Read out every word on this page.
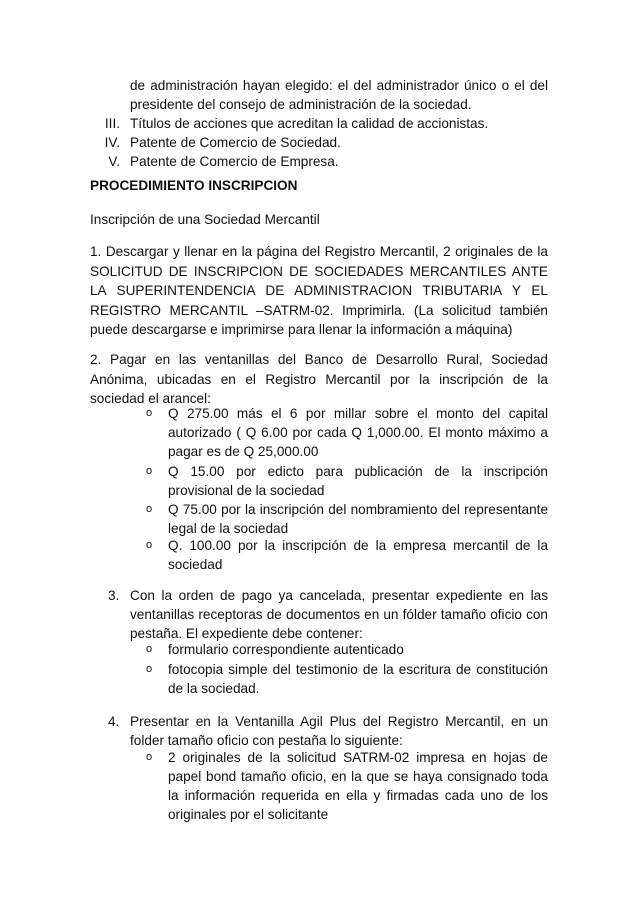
de administración hayan elegido: el del administrador único o el del presidente del consejo de administración de la sociedad.
III. Títulos de acciones que acreditan la calidad de accionistas.
IV. Patente de Comercio de Sociedad.
V. Patente de Comercio de Empresa.
PROCEDIMIENTO INSCRIPCION
Inscripción de una Sociedad Mercantil
1. Descargar y llenar en la página del Registro Mercantil, 2 originales de la SOLICITUD DE INSCRIPCION DE SOCIEDADES MERCANTILES ANTE LA SUPERINTENDENCIA DE ADMINISTRACION TRIBUTARIA Y EL REGISTRO MERCANTIL –SATRM-02. Imprimirla. (La solicitud también puede descargarse e imprimirse para llenar la información a máquina)
2. Pagar en las ventanillas del Banco de Desarrollo Rural, Sociedad Anónima, ubicadas en el Registro Mercantil por la inscripción de la sociedad el arancel:
o Q 275.00 más el 6 por millar sobre el monto del capital autorizado ( Q 6.00 por cada Q 1,000.00. El monto máximo a pagar es de Q 25,000.00
o Q 15.00 por edicto para publicación de la inscripción provisional de la sociedad
o Q 75.00 por la inscripción del nombramiento del representante legal de la sociedad
o Q. 100.00 por la inscripción de la empresa mercantil de la sociedad
3. Con la orden de pago ya cancelada, presentar expediente en las ventanillas receptoras de documentos en un fólder tamaño oficio con pestaña. El expediente debe contener:
o formulario correspondiente autenticado
o fotocopia simple del testimonio de la escritura de constitución de la sociedad.
4. Presentar en la Ventanilla Agil Plus del Registro Mercantil, en un folder tamaño oficio con pestaña lo siguiente:
o 2 originales de la solicitud SATRM-02 impresa en hojas de papel bond tamaño oficio, en la que se haya consignado toda la información requerida en ella y firmadas cada uno de los originales por el solicitante
